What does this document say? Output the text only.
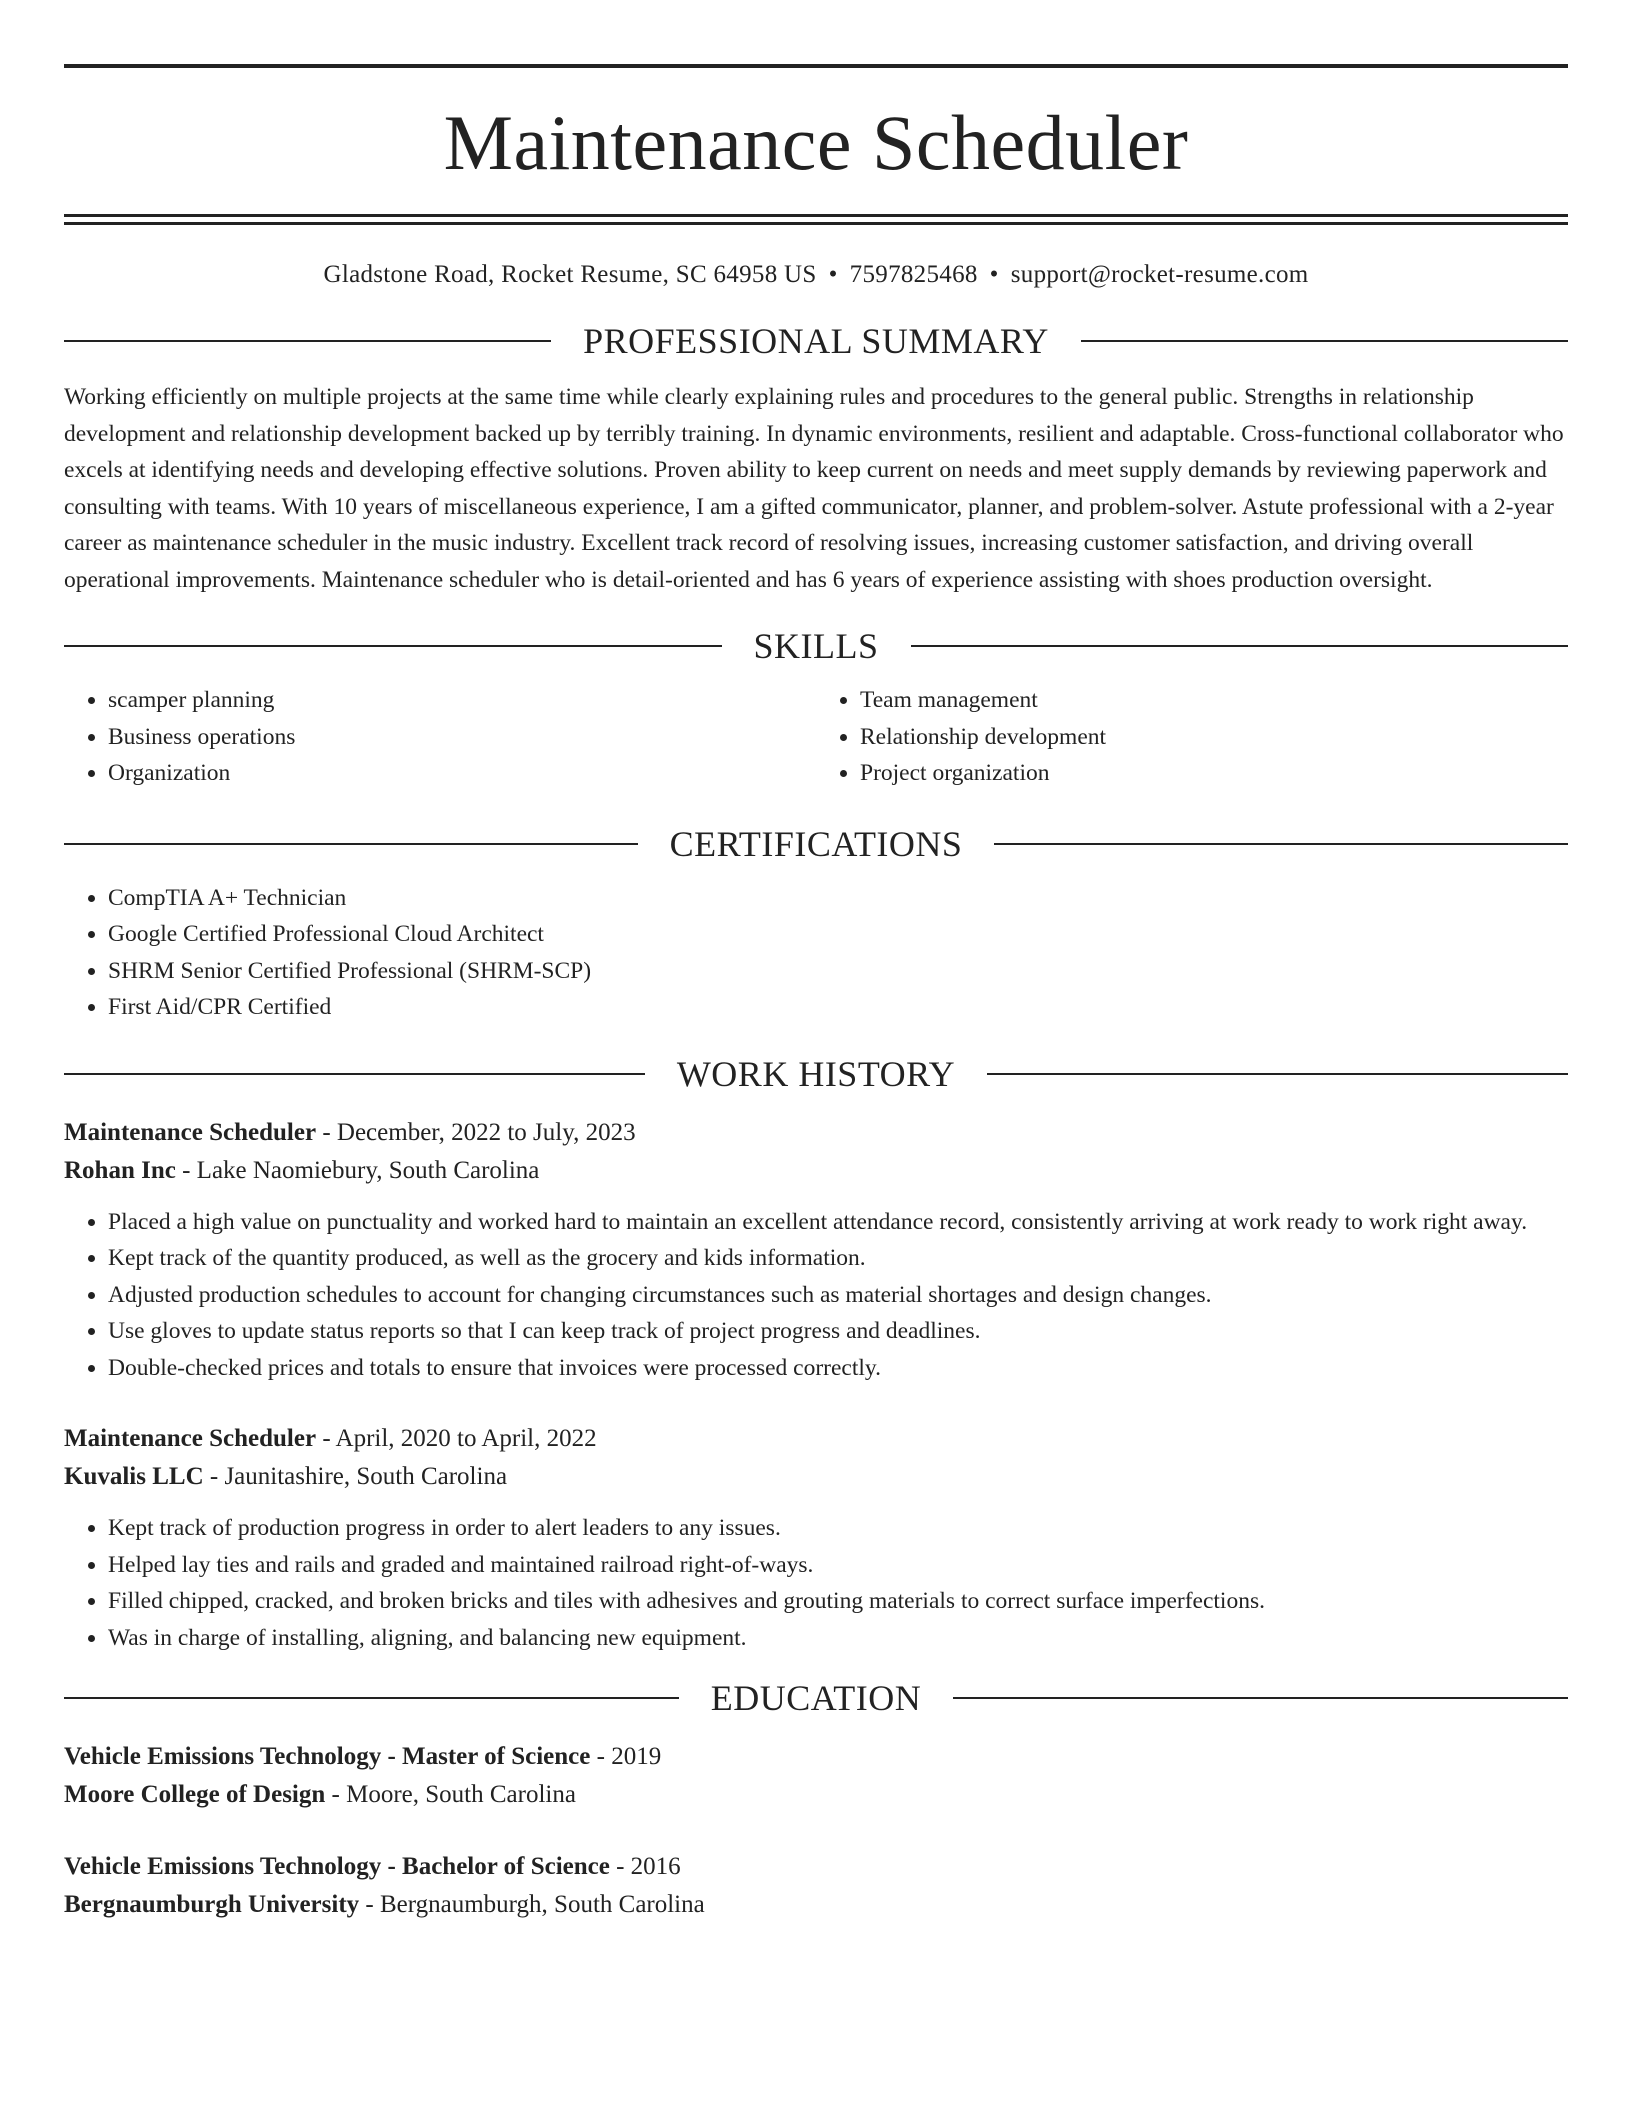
Maintenance Scheduler
Gladstone Road, Rocket Resume, SC 64958 US • 7597825468 • support@rocket-resume.com
PROFESSIONAL SUMMARY

Working efficiently on multiple projects at the same time while clearly explaining rules and procedures to the general public. Strengths in relationship development and relationship development backed up by terribly training. In dynamic environments, resilient and adaptable. Cross-functional collaborator who excels at identifying needs and developing effective solutions. Proven ability to keep current on needs and meet supply demands by reviewing paperwork and consulting with teams. With 10 years of miscellaneous experience, I am a gifted communicator, planner, and problem-solver. Astute professional with a 2-year career as maintenance scheduler in the music industry. Excellent track record of resolving issues, increasing customer satisfaction, and driving overall operational improvements. Maintenance scheduler who is detail-oriented and has 6 years of experience assisting with shoes production oversight.

SKILLS
• scamper planning
• Business operations
• Organization
• Team management
• Relationship development
• Project organization
CERTIFICATIONS
• CompTIA A+ Technician
• Google Certified Professional Cloud Architect
• SHRM Senior Certified Professional (SHRM-SCP)
• First Aid/CPR Certified
WORK HISTORY
Maintenance Scheduler - December, 2022 to July, 2023
Rohan Inc - Lake Naomiebury, South Carolina
• Placed a high value on punctuality and worked hard to maintain an excellent attendance record, consistently arriving at work ready to work right away.
• Kept track of the quantity produced, as well as the grocery and kids information.
• Adjusted production schedules to account for changing circumstances such as material shortages and design changes.
• Use gloves to update status reports so that I can keep track of project progress and deadlines.
• Double-checked prices and totals to ensure that invoices were processed correctly.
Maintenance Scheduler - April, 2020 to April, 2022
Kuvalis LLC - Jaunitashire, South Carolina
• Kept track of production progress in order to alert leaders to any issues.
• Helped lay ties and rails and graded and maintained railroad right-of-ways.
• Filled chipped, cracked, and broken bricks and tiles with adhesives and grouting materials to correct surface imperfections.
• Was in charge of installing, aligning, and balancing new equipment.
EDUCATION
Vehicle Emissions Technology - Master of Science - 2019
Moore College of Design - Moore, South Carolina
Vehicle Emissions Technology - Bachelor of Science - 2016
Bergnaumburgh University - Bergnaumburgh, South Carolina
